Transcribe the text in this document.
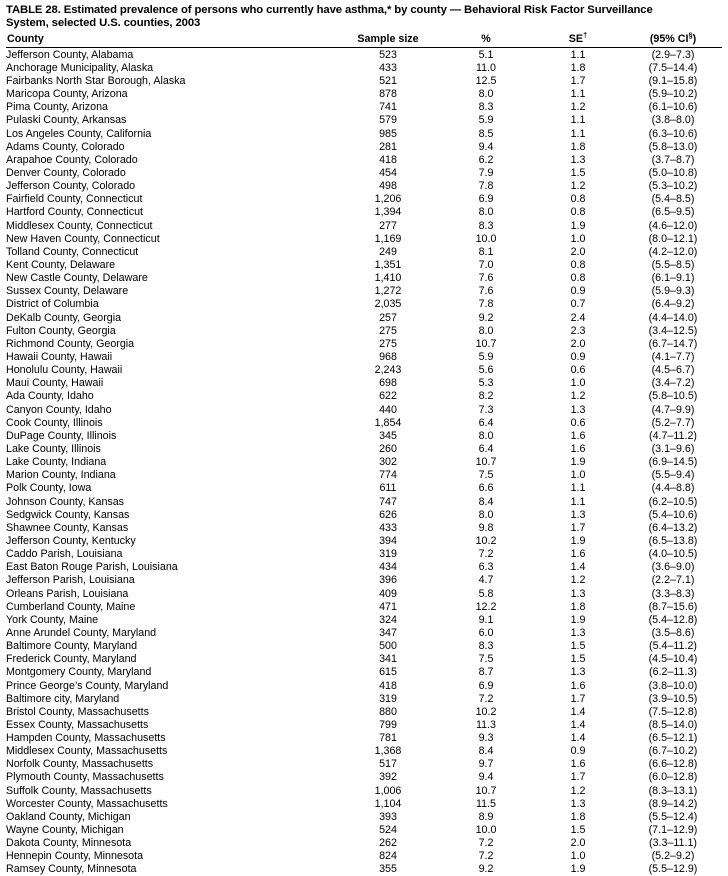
TABLE 28. Estimated prevalence of persons who currently have asthma,* by county — Behavioral Risk Factor Surveillance
System, selected U.S. counties, 2003
County	Sample size	%	SE†	(95% CI§)
Jefferson County, Alabama	523	5.1	1.1	(2.9–7.3)
Anchorage Municipality, Alaska	433	11.0	1.8	(7.5–14.4)
Fairbanks North Star Borough, Alaska	521	12.5	1.7	(9.1–15.8)
Maricopa County, Arizona	878	8.0	1.1	(5.9–10.2)
Pima County, Arizona	741	8.3	1.2	(6.1–10.6)
Pulaski County, Arkansas	579	5.9	1.1	(3.8–8.0)
Los Angeles County, California	985	8.5	1.1	(6.3–10.6)
Adams County, Colorado	281	9.4	1.8	(5.8–13.0)
Arapahoe County, Colorado	418	6.2	1.3	(3.7–8.7)
Denver County, Colorado	454	7.9	1.5	(5.0–10.8)
Jefferson County, Colorado	498	7.8	1.2	(5.3–10.2)
Fairfield County, Connecticut	1,206	6.9	0.8	(5.4–8.5)
Hartford County, Connecticut	1,394	8.0	0.8	(6.5–9.5)
Middlesex County, Connecticut	277	8.3	1.9	(4.6–12.0)
New Haven County, Connecticut	1,169	10.0	1.0	(8.0–12.1)
Tolland County, Connecticut	249	8.1	2.0	(4.2–12.0)
Kent County, Delaware	1,351	7.0	0.8	(5.5–8.5)
New Castle County, Delaware	1,410	7.6	0.8	(6.1–9.1)
Sussex County, Delaware	1,272	7.6	0.9	(5.9–9.3)
District of Columbia	2,035	7.8	0.7	(6.4–9.2)
DeKalb County, Georgia	257	9.2	2.4	(4.4–14.0)
Fulton County, Georgia	275	8.0	2.3	(3.4–12.5)
Richmond County, Georgia	275	10.7	2.0	(6.7–14.7)
Hawaii County, Hawaii	968	5.9	0.9	(4.1–7.7)
Honolulu County, Hawaii	2,243	5.6	0.6	(4.5–6.7)
Maui County, Hawaii	698	5.3	1.0	(3.4–7.2)
Ada County, Idaho	622	8.2	1.2	(5.8–10.5)
Canyon County, Idaho	440	7.3	1.3	(4.7–9.9)
Cook County, Illinois	1,854	6.4	0.6	(5.2–7.7)
DuPage County, Illinois	345	8.0	1.6	(4.7–11.2)
Lake County, Illinois	260	6.4	1.6	(3.1–9.6)
Lake County, Indiana	302	10.7	1.9	(6.9–14.5)
Marion County, Indiana	774	7.5	1.0	(5.5–9.4)
Polk County, Iowa	611	6.6	1.1	(4.4–8.8)
Johnson County, Kansas	747	8.4	1.1	(6.2–10.5)
Sedgwick County, Kansas	626	8.0	1.3	(5.4–10.6)
Shawnee County, Kansas	433	9.8	1.7	(6.4–13.2)
Jefferson County, Kentucky	394	10.2	1.9	(6.5–13.8)
Caddo Parish, Louisiana	319	7.2	1.6	(4.0–10.5)
East Baton Rouge Parish, Louisiana	434	6.3	1.4	(3.6–9.0)
Jefferson Parish, Louisiana	396	4.7	1.2	(2.2–7.1)
Orleans Parish, Louisiana	409	5.8	1.3	(3.3–8.3)
Cumberland County, Maine	471	12.2	1.8	(8.7–15.6)
York County, Maine	324	9.1	1.9	(5.4–12.8)
Anne Arundel County, Maryland	347	6.0	1.3	(3.5–8.6)
Baltimore County, Maryland	500	8.3	1.5	(5.4–11.2)
Frederick County, Maryland	341	7.5	1.5	(4.5–10.4)
Montgomery County, Maryland	615	8.7	1.3	(6.2–11.3)
Prince George’s County, Maryland	418	6.9	1.6	(3.8–10.0)
Baltimore city, Maryland	319	7.2	1.7	(3.9–10.5)
Bristol County, Massachusetts	880	10.2	1.4	(7.5–12.8)
Essex County, Massachusetts	799	11.3	1.4	(8.5–14.0)
Hampden County, Massachusetts	781	9.3	1.4	(6.5–12.1)
Middlesex County, Massachusetts	1,368	8.4	0.9	(6.7–10.2)
Norfolk County, Massachusetts	517	9.7	1.6	(6.6–12.8)
Plymouth County, Massachusetts	392	9.4	1.7	(6.0–12.8)
Suffolk County, Massachusetts	1,006	10.7	1.2	(8.3–13.1)
Worcester County, Massachusetts	1,104	11.5	1.3	(8.9–14.2)
Oakland County, Michigan	393	8.9	1.8	(5.5–12.4)
Wayne County, Michigan	524	10.0	1.5	(7.1–12.9)
Dakota County, Minnesota	262	7.2	2.0	(3.3–11.1)
Hennepin County, Minnesota	824	7.2	1.0	(5.2–9.2)
Ramsey County, Minnesota	355	9.2	1.9	(5.5–12.9)
